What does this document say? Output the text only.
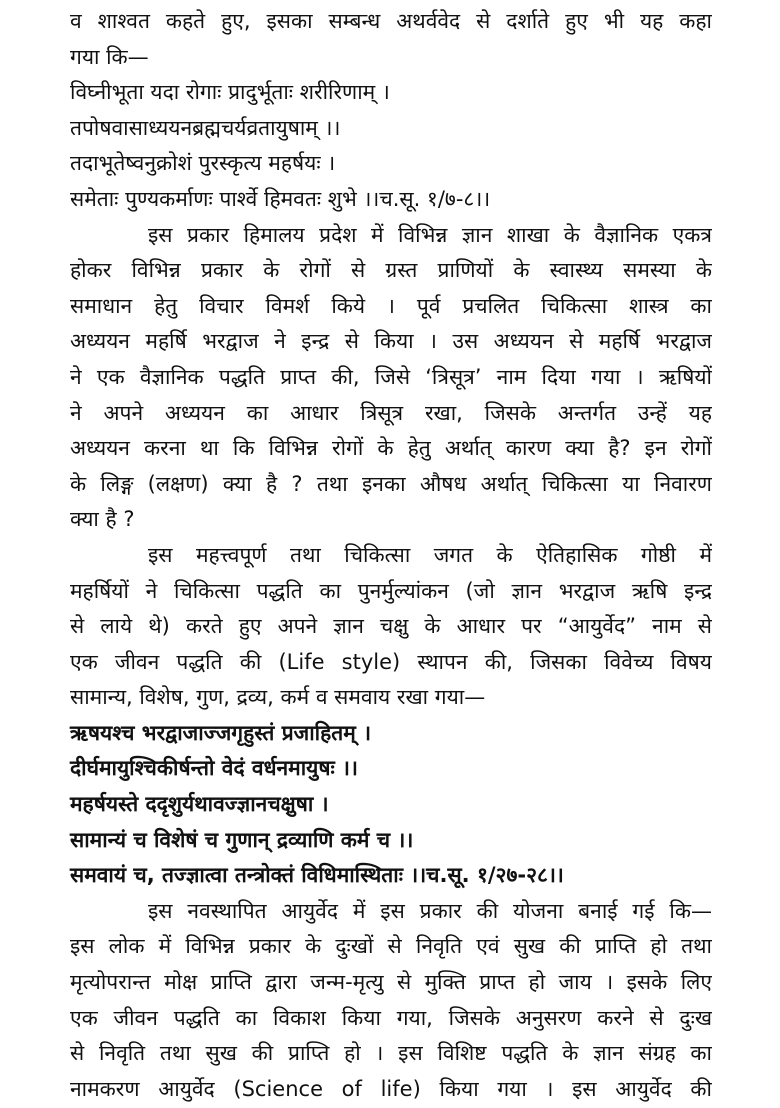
व शाश्वत कहते हुए, इसका सम्बन्ध अथर्ववेद से दर्शाते हुए भी यह कहा
गया कि—
विघ्नीभूता यदा रोगाः प्रादुर्भूताः शरीरिणाम् ।
तपोषवासाध्ययनब्रह्मचर्यव्रतायुषाम् ।।
तदाभूतेष्वनुक्रोशं पुरस्कृत्य महर्षयः ।
समेताः पुण्यकर्माणः पार्श्वे हिमवतः शुभे ।।च.सू. १/७-८।।
इस प्रकार हिमालय प्रदेश में विभिन्न ज्ञान शाखा के वैज्ञानिक एकत्र
होकर विभिन्न प्रकार के रोगों से ग्रस्त प्राणियों के स्वास्थ्य समस्या के
समाधान हेतु विचार विमर्श किये । पूर्व प्रचलित चिकित्सा शास्त्र का
अध्ययन महर्षि भरद्वाज ने इन्द्र से किया । उस अध्ययन से महर्षि भरद्वाज
ने एक वैज्ञानिक पद्धति प्राप्त की, जिसे ‘त्रिसूत्र’ नाम दिया गया । ऋषियों
ने अपने अध्ययन का आधार त्रिसूत्र रखा, जिसके अन्तर्गत उन्हें यह
अध्ययन करना था कि विभिन्न रोगों के हेतु अर्थात् कारण क्या है? इन रोगों
के लिङ्ग (लक्षण) क्या है ? तथा इनका औषध अर्थात् चिकित्सा या निवारण
क्या है ?
इस महत्त्वपूर्ण तथा चिकित्सा जगत के ऐतिहासिक गोष्ठी में
महर्षियों ने चिकित्सा पद्धति का पुनर्मुल्यांकन (जो ज्ञान भरद्वाज ऋषि इन्द्र
से लाये थे) करते हुए अपने ज्ञान चक्षु के आधार पर “आयुर्वेद” नाम से
एक जीवन पद्धति की (Life style) स्थापन की, जिसका विवेच्य विषय
सामान्य, विशेष, गुण, द्रव्य, कर्म व समवाय रखा गया—
ऋषयश्च भरद्वाजाज्जगृहुस्तं प्रजाहितम् ।
दीर्घमायुश्चिकीर्षन्तो वेदं वर्धनमायुषः ।।
महर्षयस्ते ददृशुर्यथावज्ज्ञानचक्षुषा ।
सामान्यं च विशेषं च गुणान् द्रव्याणि कर्म च ।।
समवायं च, तज्ज्ञात्वा तन्त्रोक्तं विधिमास्थिताः ।।च.सू. १/२७-२८।।
इस नवस्थापित आयुर्वेद में इस प्रकार की योजना बनाई गई कि—
इस लोक में विभिन्न प्रकार के दुःखों से निवृति एवं सुख की प्राप्ति हो तथा
मृत्योपरान्त मोक्ष प्राप्ति द्वारा जन्म-मृत्यु से मुक्ति प्राप्त हो जाय । इसके लिए
एक जीवन पद्धति का विकाश किया गया, जिसके अनुसरण करने से दुःख
से निवृति तथा सुख की प्राप्ति हो । इस विशिष्ट पद्धति के ज्ञान संग्रह का
नामकरण आयुर्वेद (Science of life) किया गया । इस आयुर्वेद की
